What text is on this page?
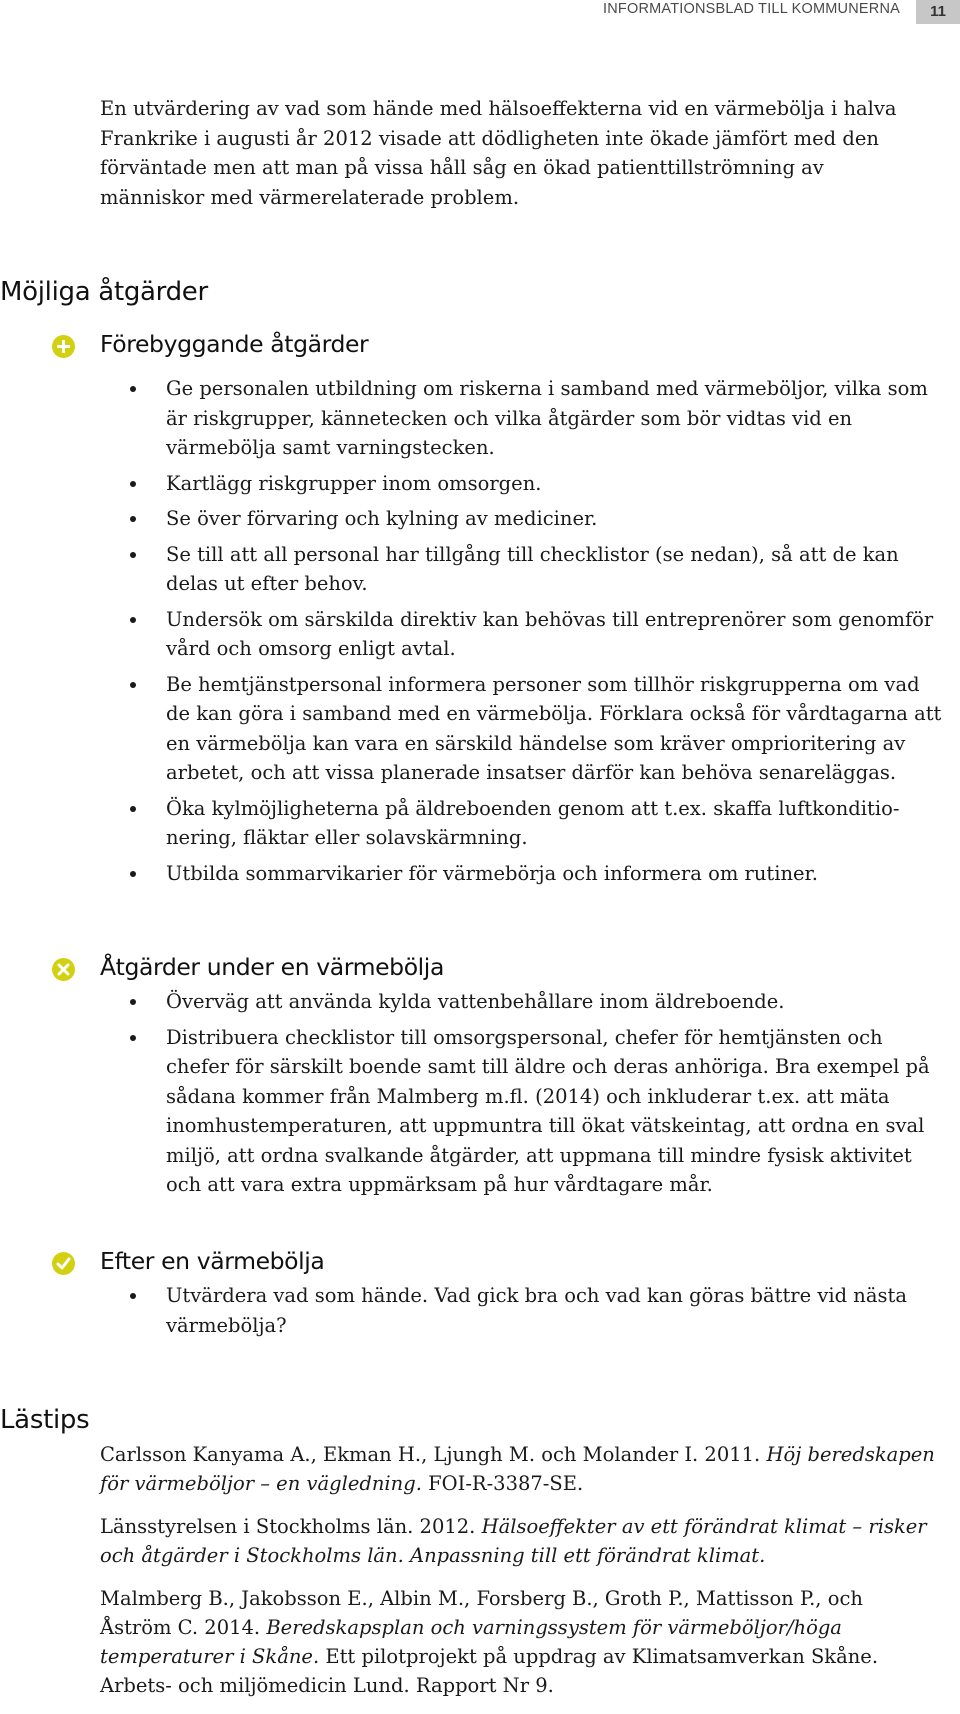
INFORMATIONSBLAD TILL KOMMUNERNA	11

En utvärdering av vad som hände med hälsoeffekterna vid en värmebölja i halva Frankrike i augusti år 2012 visade att dödligheten inte ökade jämfört med den förväntade men att man på vissa håll såg en ökad patienttillströmning av människor med värmerelaterade problem.

Möjliga åtgärder
Förebyggande åtgärder
Ge personalen utbildning om riskerna i samband med värmeböljor, vilka som är riskgrupper, kännetecken och vilka åtgärder som bör vidtas vid en värmebölja samt varningstecken.
Kartlägg riskgrupper inom omsorgen.
Se över förvaring och kylning av mediciner.
Se till att all personal har tillgång till checklistor (se nedan), så att de kan delas ut efter behov.
Undersök om särskilda direktiv kan behövas till entreprenörer som genomför vård och omsorg enligt avtal.
Be hemtjänstpersonal informera personer som tillhör riskgrupperna om vad de kan göra i samband med en värmebölja. Förklara också för vårdtagarna att en värmebölja kan vara en särskild händelse som kräver omprioritering av arbetet, och att vissa planerade insatser därför kan behöva senareläggas.
Öka kylmöjligheterna på äldreboenden genom att t.ex. skaffa luftkonditionering, fläktar eller solavskärmning.
Utbilda sommarvikarier för värmebörja och informera om rutiner.
Åtgärder under en värmebölja
Överväg att använda kylda vattenbehållare inom äldreboende.
Distribuera checklistor till omsorgspersonal, chefer för hemtjänsten och chefer för särskilt boende samt till äldre och deras anhöriga. Bra exempel på sådana kommer från Malmberg m.fl. (2014) och inkluderar t.ex. att mäta inomhustemperaturen, att uppmuntra till ökat vätskeintag, att ordna en sval miljö, att ordna svalkande åtgärder, att uppmana till mindre fysisk aktivitet och att vara extra uppmärksam på hur vårdtagare mår.
Efter en värmebölja
Utvärdera vad som hände. Vad gick bra och vad kan göras bättre vid nästa värmebölja?
Lästips

Carlsson Kanyama A., Ekman H., Ljungh M. och Molander I. 2011. Höj beredskapen för värmeböljor – en vägledning. FOI-R-3387-SE.

Länsstyrelsen i Stockholms län. 2012. Hälsoeffekter av ett förändrat klimat – risker och åtgärder i Stockholms län. Anpassning till ett förändrat klimat.

Malmberg B., Jakobsson E., Albin M., Forsberg B., Groth P., Mattisson P., och Åström C. 2014. Beredskapsplan och varningssystem för värmeböljor/höga temperaturer i Skåne. Ett pilotprojekt på uppdrag av Klimatsamverkan Skåne. Arbets- och miljömedicin Lund. Rapport Nr 9.
